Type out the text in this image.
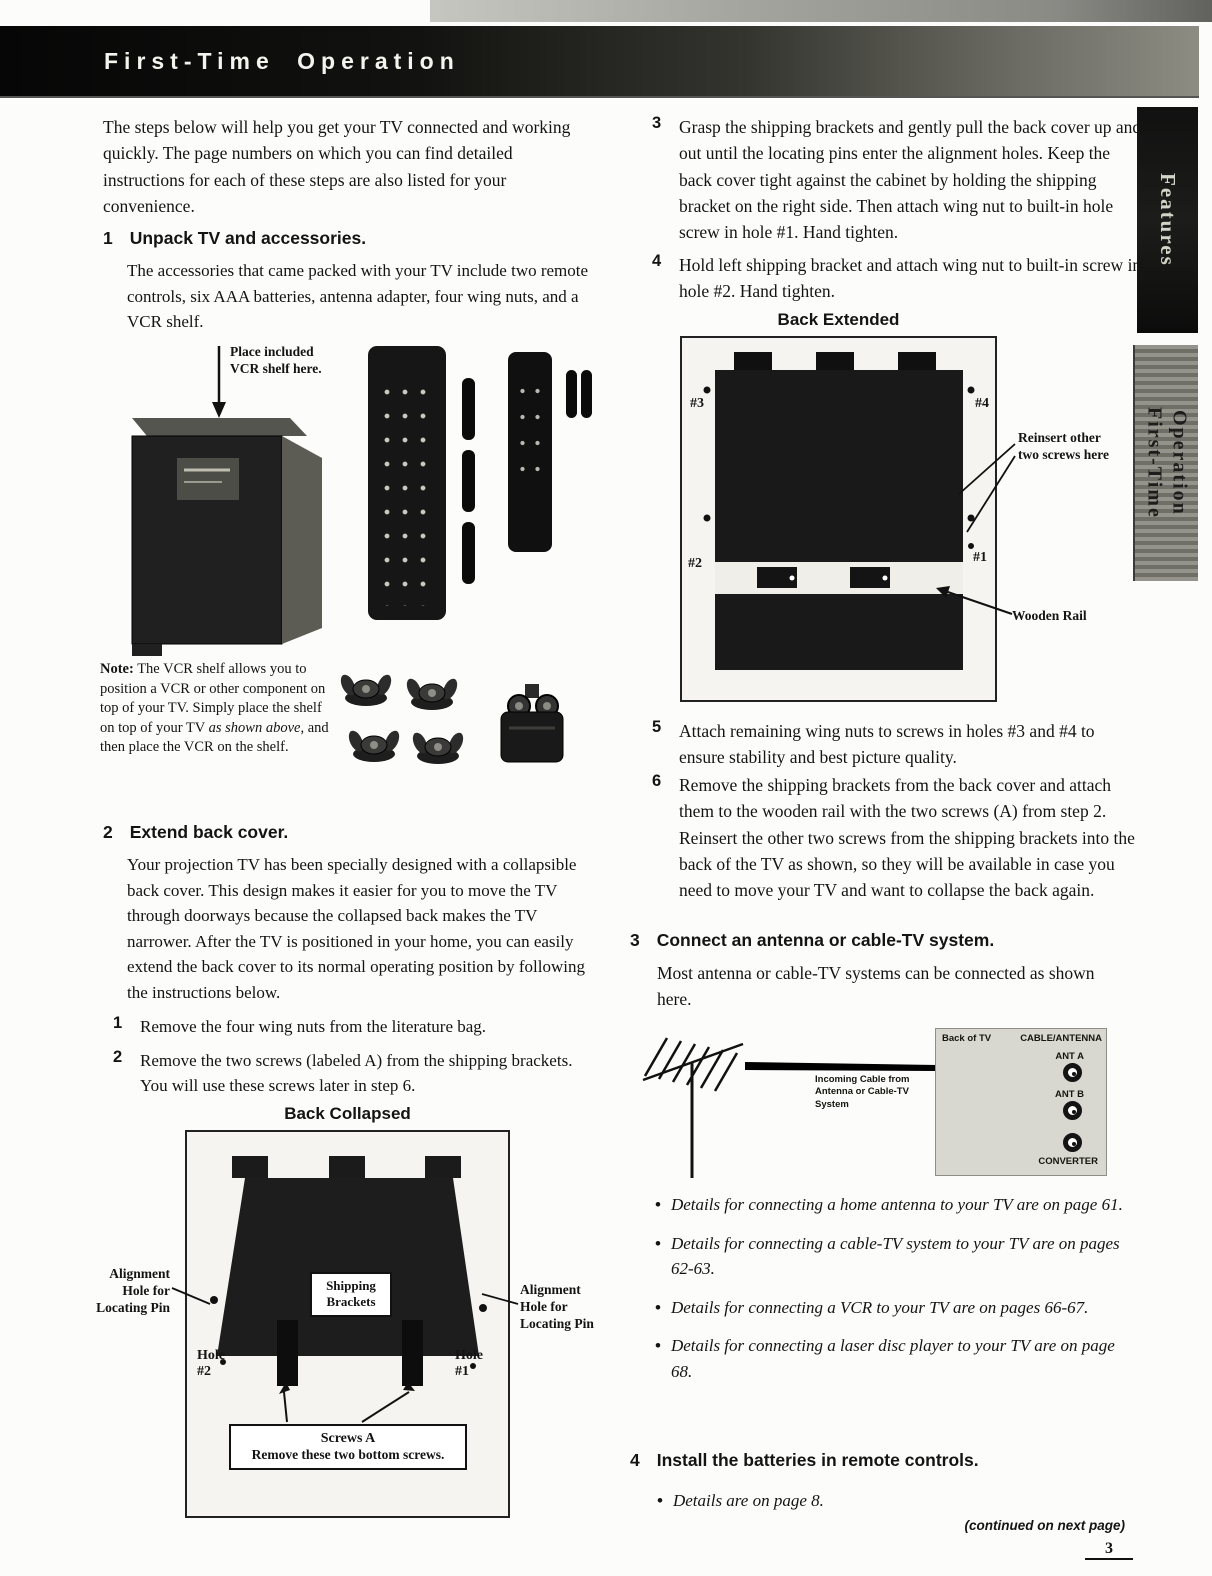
First-Time Operation
Features
First-Time Operation
The steps below will help you get your TV connected and working quickly. The page numbers on which you can find detailed instructions for each of these steps are also listed for your convenience.
1 Unpack TV and accessories.
The accessories that came packed with your TV include two remote controls, six AAA batteries, antenna adapter, four wing nuts, and a VCR shelf.
Place included VCR shelf here.
Note: The VCR shelf allows you to position a VCR or other component on top of your TV. Simply place the shelf on top of your TV as shown above, and then place the VCR on the shelf.
2 Extend back cover.
Your projection TV has been specially designed with a collapsible back cover. This design makes it easier for you to move the TV through doorways because the collapsed back makes the TV narrower. After the TV is positioned in your home, you can easily extend the back cover to its normal operating position by following the instructions below.
1 Remove the four wing nuts from the literature bag.
2 Remove the two screws (labeled A) from the shipping brackets. You will use these screws later in step 6.
Back Collapsed
Shipping Brackets
Hole #2
Hole #1
Screws A
Remove these two bottom screws.
Alignment Hole for Locating Pin
Alignment Hole for Locating Pin
3 Grasp the shipping brackets and gently pull the back cover up and out until the locating pins enter the alignment holes. Keep the back cover tight against the cabinet by holding the shipping bracket on the right side. Then attach wing nut to built-in hole screw in hole #1. Hand tighten.
4 Hold left shipping bracket and attach wing nut to built-in screw in hole #2. Hand tighten.
Back Extended
#3	#4
#2	#1
Reinsert other two screws here
Wooden Rail
5 Attach remaining wing nuts to screws in holes #3 and #4 to ensure stability and best picture quality.
6 Remove the shipping brackets from the back cover and attach them to the wooden rail with the two screws (A) from step 2. Reinsert the other two screws from the shipping brackets into the back of the TV as shown, so they will be available in case you need to move your TV and want to collapse the back again.
3 Connect an antenna or cable-TV system.
Most antenna or cable-TV systems can be connected as shown here.
Incoming Cable from Antenna or Cable-TV System
Back of TV	CABLE/ANTENNA
ANT A
ANT B
CONVERTER
• Details for connecting a home antenna to your TV are on page 61.
• Details for connecting a cable-TV system to your TV are on pages 62-63.
• Details for connecting a VCR to your TV are on pages 66-67.
• Details for connecting a laser disc player to your TV are on page 68.
4 Install the batteries in remote controls.
• Details are on page 8.
(continued on next page)
3
